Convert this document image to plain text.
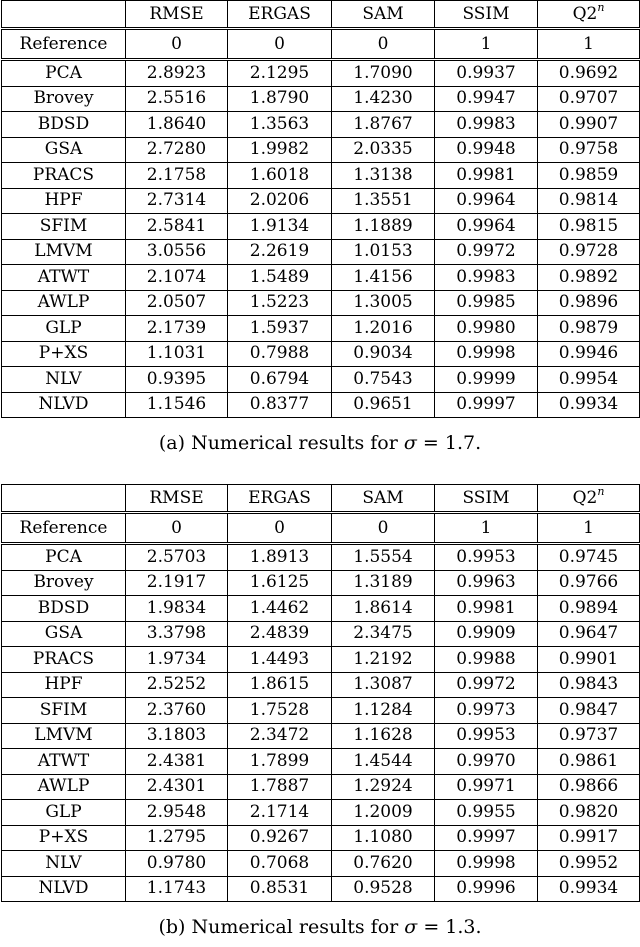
	RMSE	ERGAS	SAM	SSIM	Q2$^n$
Reference	0	0	0	1	1
PCA	2.8923	2.1295	1.7090	0.9937	0.9692
Brovey	2.5516	1.8790	1.4230	0.9947	0.9707
BDSD	1.8640	1.3563	1.8767	0.9983	0.9907
GSA	2.7280	1.9982	2.0335	0.9948	0.9758
PRACS	2.1758	1.6018	1.3138	0.9981	0.9859
HPF	2.7314	2.0206	1.3551	0.9964	0.9814
SFIM	2.5841	1.9134	1.1889	0.9964	0.9815
LMVM	3.0556	2.2619	1.0153	0.9972	0.9728
ATWT	2.1074	1.5489	1.4156	0.9983	0.9892
AWLP	2.0507	1.5223	1.3005	0.9985	0.9896
GLP	2.1739	1.5937	1.2016	0.9980	0.9879
P+XS	1.1031	0.7988	0.9034	0.9998	0.9946
NLV	0.9395	0.6794	0.7543	0.9999	0.9954
NLVD	1.1546	0.8377	0.9651	0.9997	0.9934
(a) Numerical results for σ = 1.7.
	RMSE	ERGAS	SAM	SSIM	Q2$^n$
Reference	0	0	0	1	1
PCA	2.5703	1.8913	1.5554	0.9953	0.9745
Brovey	2.1917	1.6125	1.3189	0.9963	0.9766
BDSD	1.9834	1.4462	1.8614	0.9981	0.9894
GSA	3.3798	2.4839	2.3475	0.9909	0.9647
PRACS	1.9734	1.4493	1.2192	0.9988	0.9901
HPF	2.5252	1.8615	1.3087	0.9972	0.9843
SFIM	2.3760	1.7528	1.1284	0.9973	0.9847
LMVM	3.1803	2.3472	1.1628	0.9953	0.9737
ATWT	2.4381	1.7899	1.4544	0.9970	0.9861
AWLP	2.4301	1.7887	1.2924	0.9971	0.9866
GLP	2.9548	2.1714	1.2009	0.9955	0.9820
P+XS	1.2795	0.9267	1.1080	0.9997	0.9917
NLV	0.9780	0.7068	0.7620	0.9998	0.9952
NLVD	1.1743	0.8531	0.9528	0.9996	0.9934
(b) Numerical results for σ = 1.3.
